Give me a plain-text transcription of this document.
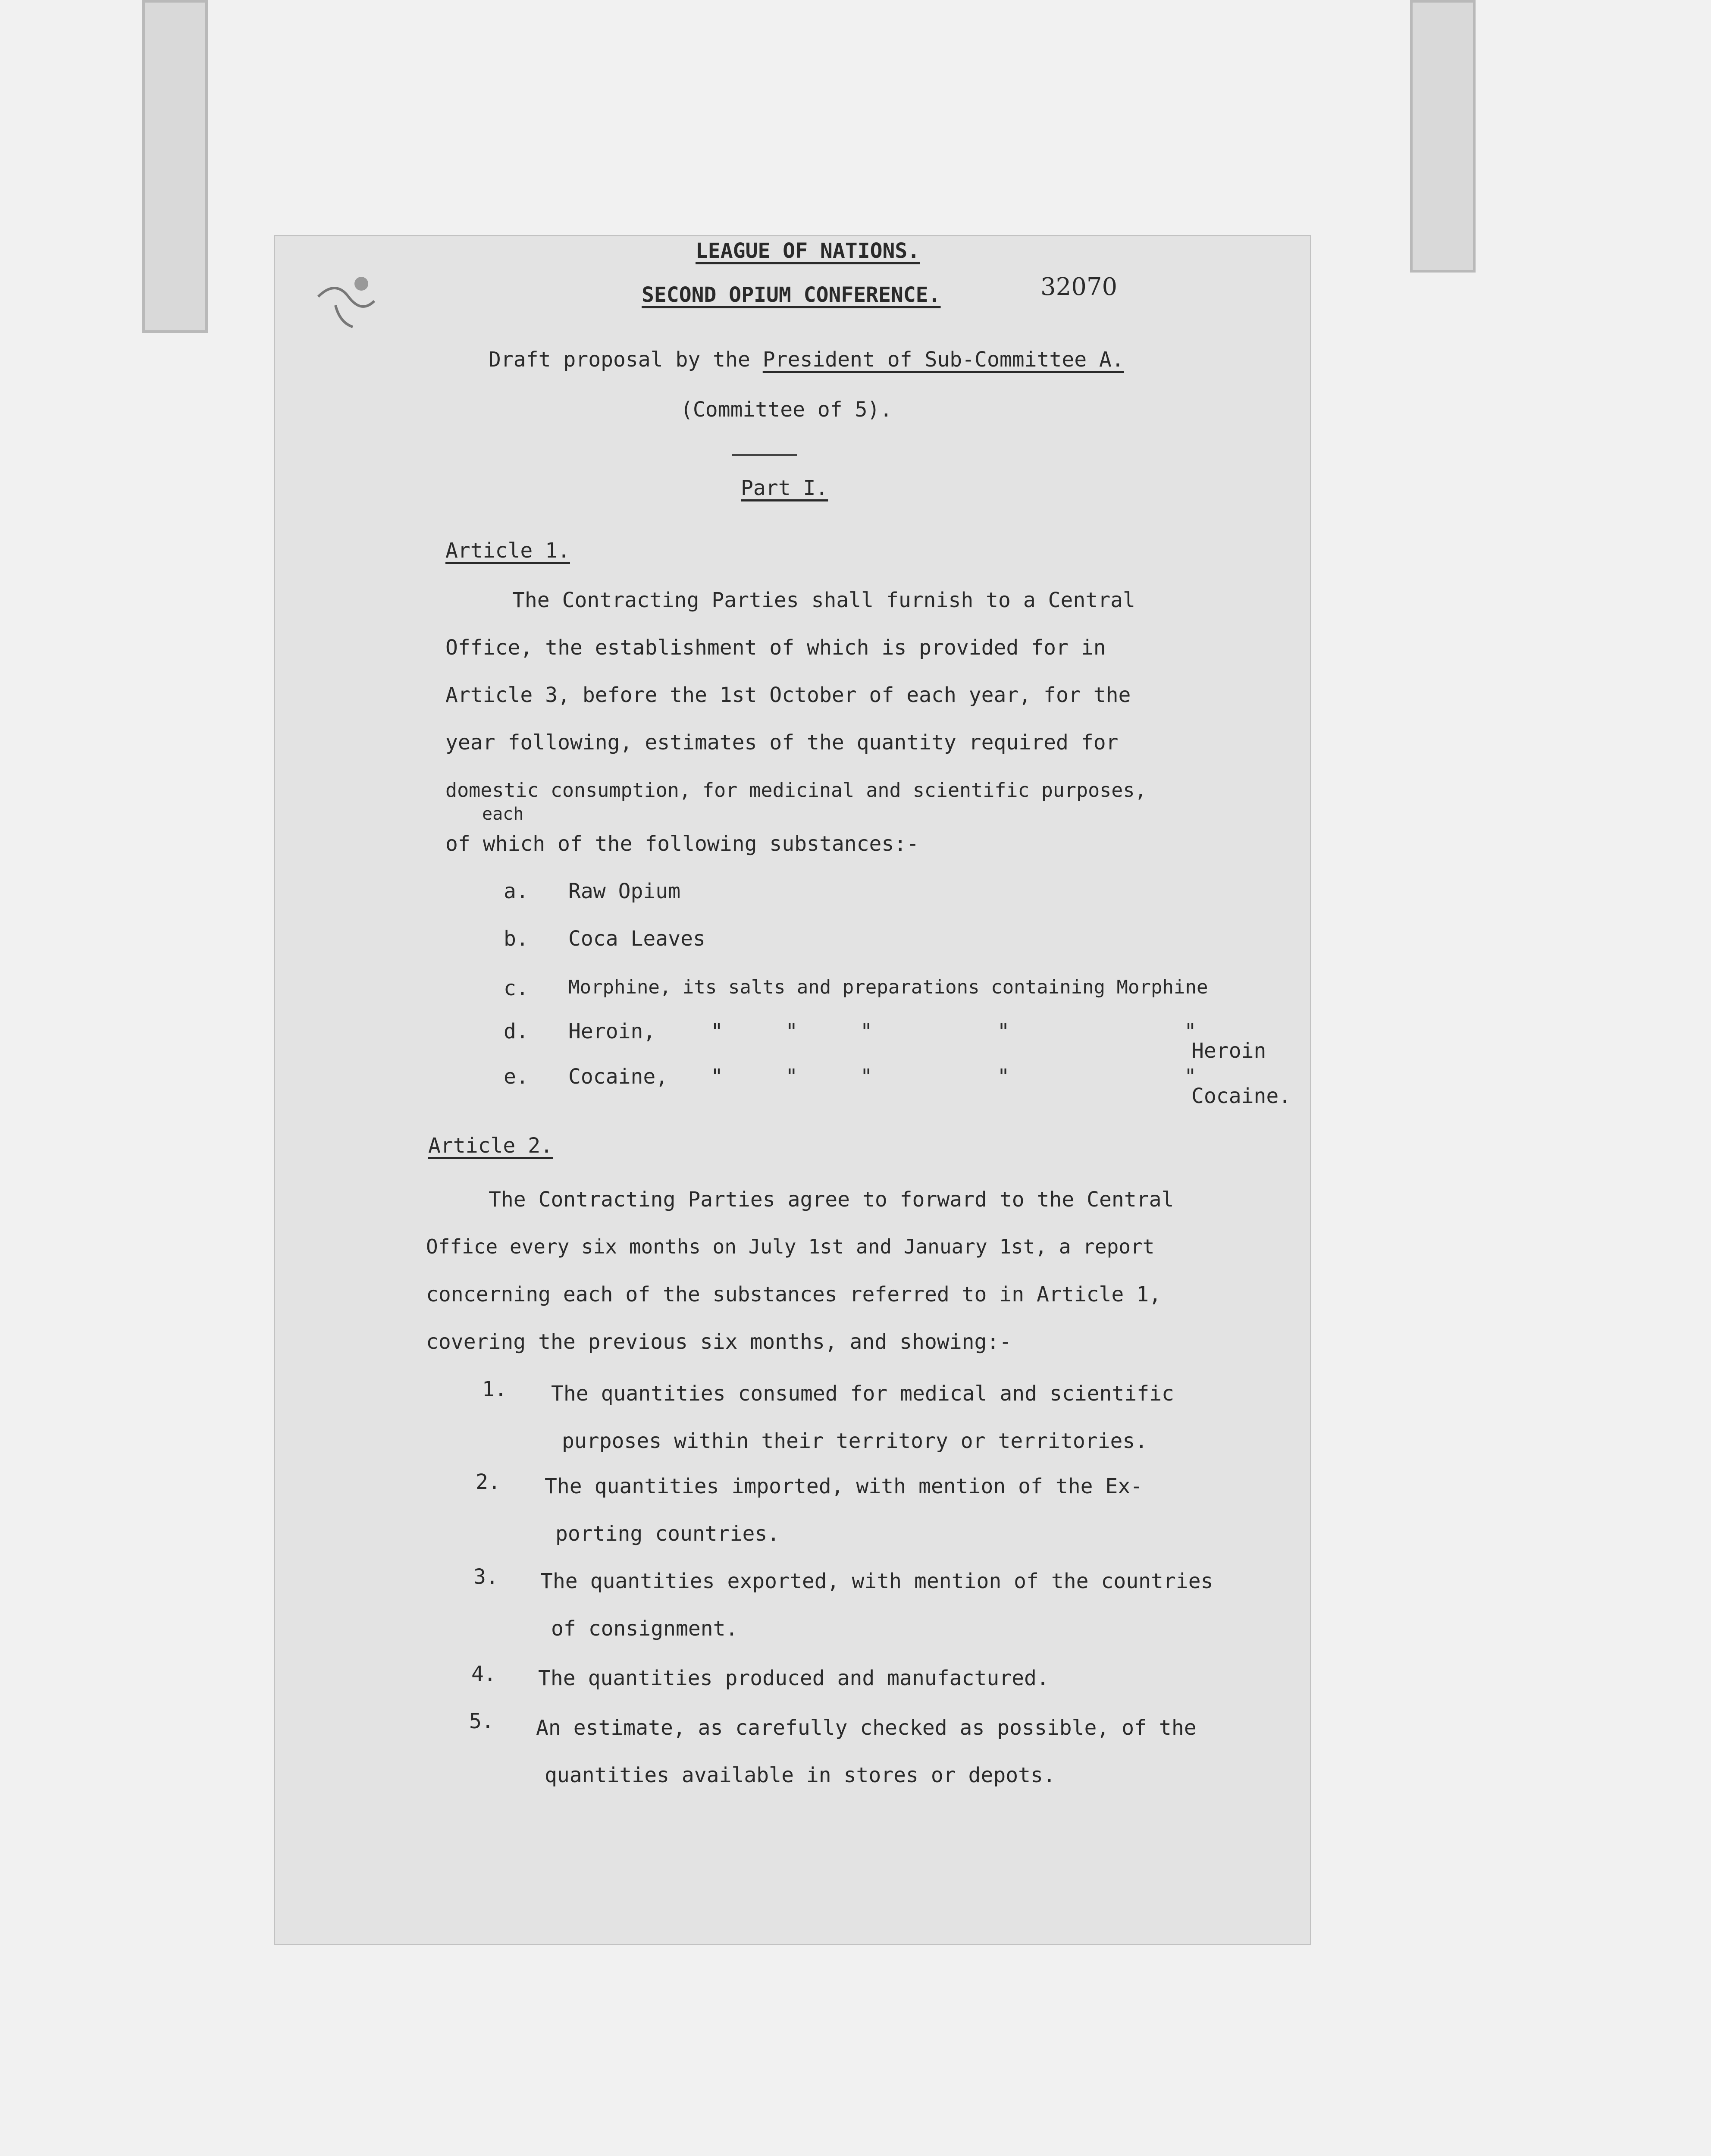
LEAGUE OF NATIONS.
SECOND OPIUM CONFERENCE.	32070
Draft proposal by the President of Sub-Committee A.
(Committee of 5).
Part I.
Article 1.
The Contracting Parties shall furnish to a Central
Office, the establishment of which is provided for in
Article 3, before the 1st October of each year, for the
year following, estimates of the quantity required for
domestic consumption, for medicinal and scientific purposes,
each
of which of the following substances:-
a. Raw Opium
b. Coca Leaves
c. Morphine, its salts and preparations containing Morphine
d. Heroin,	"     "     "          "              "
Heroin
e. Cocaine, "     "     "          "              "
Cocaine.
Article 2.
The Contracting Parties agree to forward to the Central
Office every six months on July 1st and January 1st, a report
concerning each of the substances referred to in Article 1,
covering the previous six months, and showing:-
1. The quantities consumed for medical and scientific
purposes within their territory or territories.
2. The quantities imported, with mention of the Ex-
porting countries.
3. The quantities exported, with mention of the countries
of consignment.
4. The quantities produced and manufactured.
5. An estimate, as carefully checked as possible, of the
quantities available in stores or depots.
